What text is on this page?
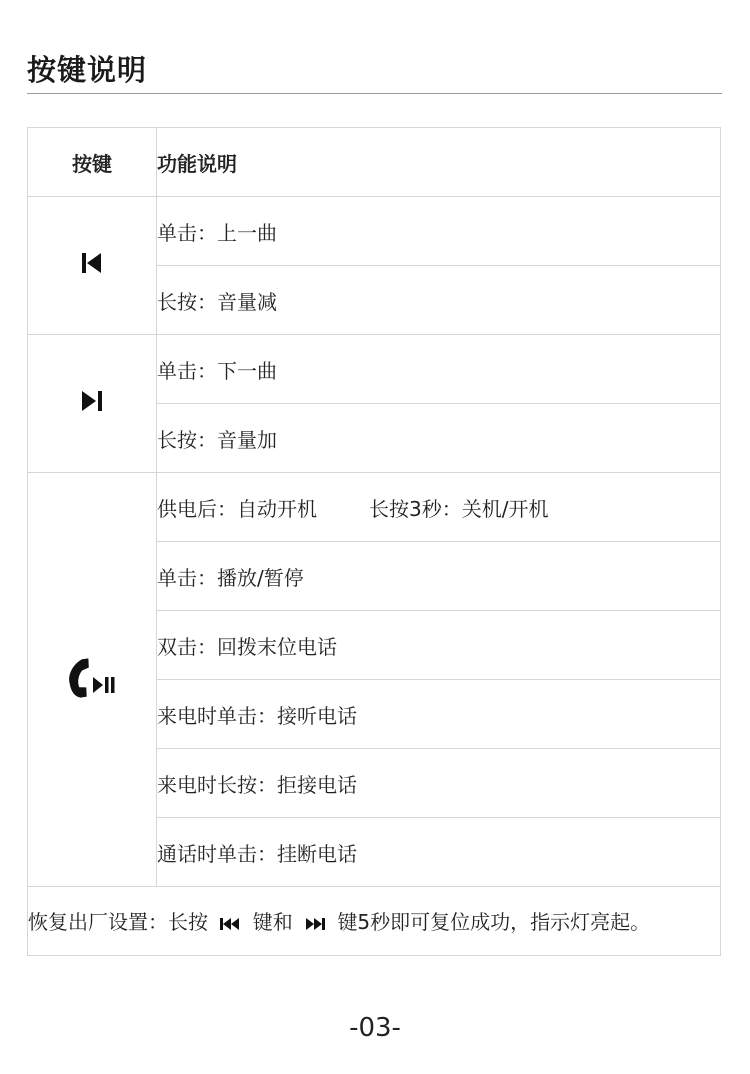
按键说明
按键	功能说明
	单击：上一曲
	长按：音量减
	单击：下一曲
	长按：音量加
	供电后：自动开机 长按3秒：关机/开机
	单击：播放/暂停
	双击：回拨末位电话
	来电时单击：接听电话
	来电时长按：拒接电话
	通话时单击：挂断电话
恢复出厂设置：长按 键和 键5秒即可复位成功，指示灯亮起。	
-03-
